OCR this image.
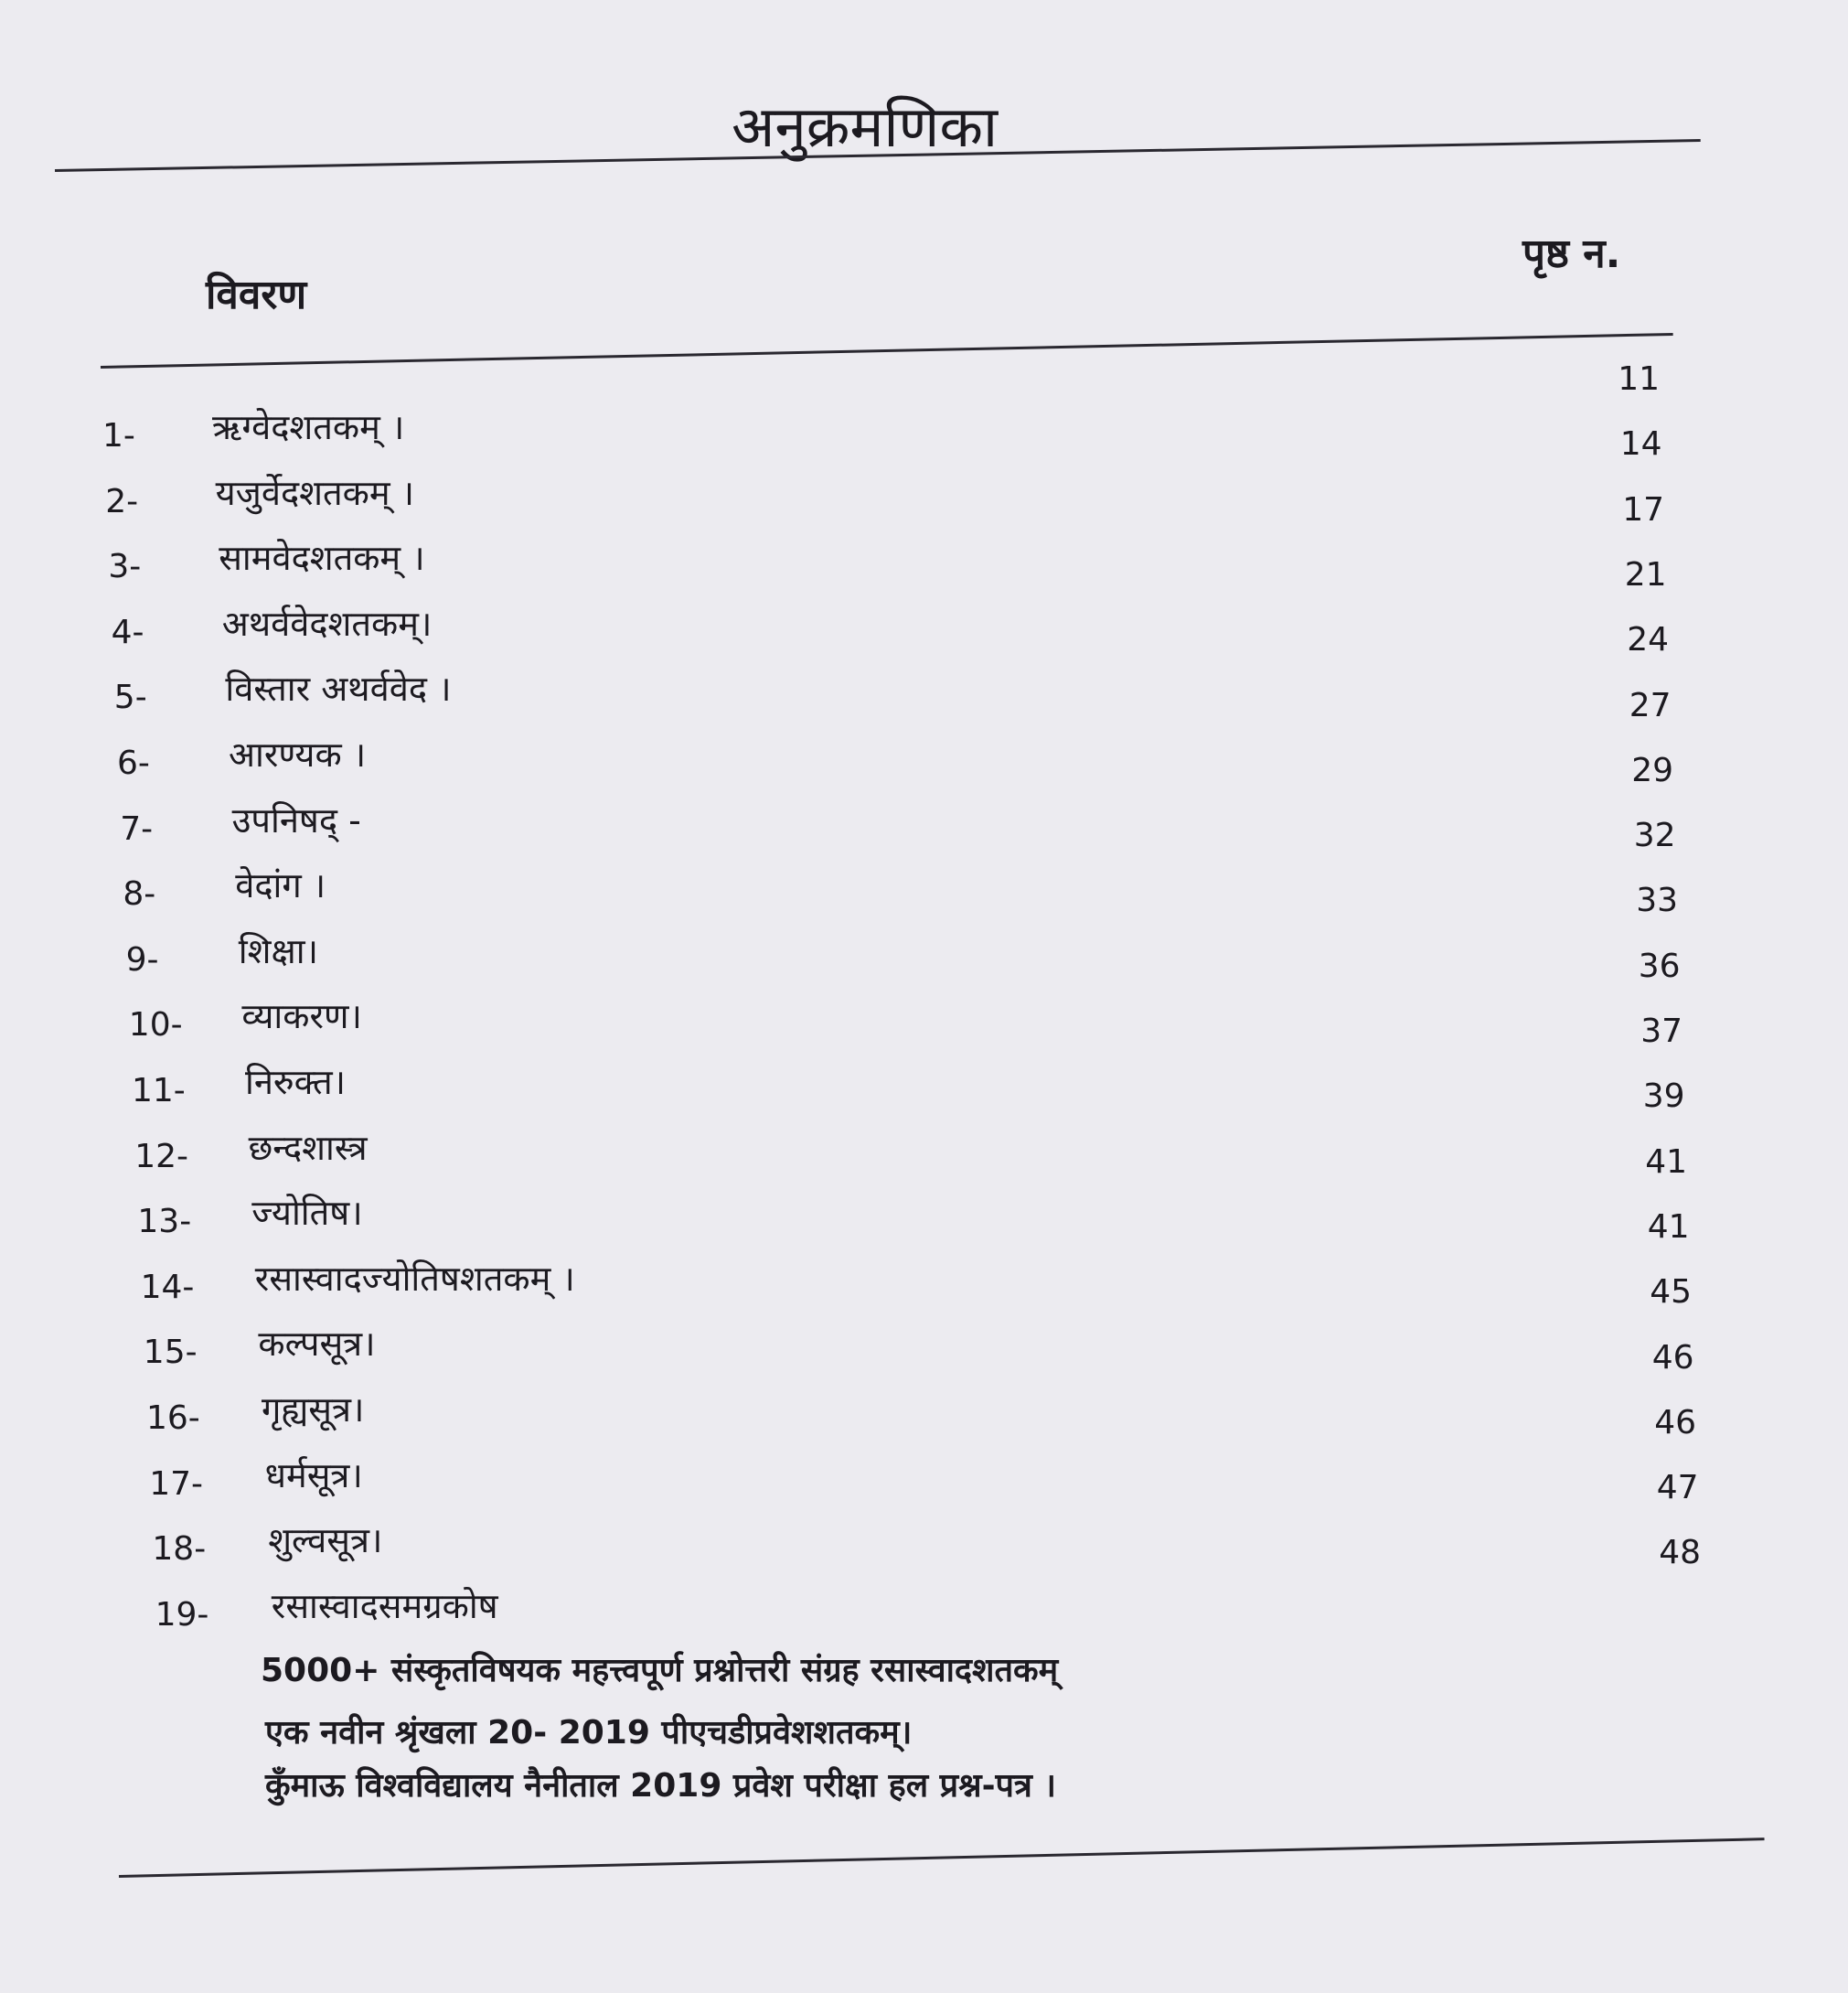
अनुक्रमणिका
विवरण
पृष्ठ न.
1- ऋग्वेदशतकम् ।
2- यजुर्वेदशतकम् ।
3- सामवेदशतकम् ।
4- अथर्ववेदशतकम्।
5- विस्तार अथर्ववेद ।
6- आरण्यक ।
7- उपनिषद् -
8- वेदांग ।
9- शिक्षा।
10- व्याकरण।
11- निरुक्त।
12- छन्दशास्त्र
13- ज्योतिष।
14- रसास्वादज्योतिषशतकम् ।
15- कल्पसूत्र।
16- गृह्यसूत्र।
17- धर्मसूत्र।
18- शुल्वसूत्र।
19- रसास्वादसमग्रकोष
11
14
17
21
24
27
29
32
33
36
37
39
41
41
45
46
46
47
48
5000+ संस्कृतविषयक महत्त्वपूर्ण प्रश्नोत्तरी संग्रह रसास्वादशतकम्
एक नवीन श्रृंखला 20- 2019 पीएचडीप्रवेशशतकम्।
कुँमाऊ विश्वविद्यालय नैनीताल 2019 प्रवेश परीक्षा हल प्रश्न-पत्र ।
